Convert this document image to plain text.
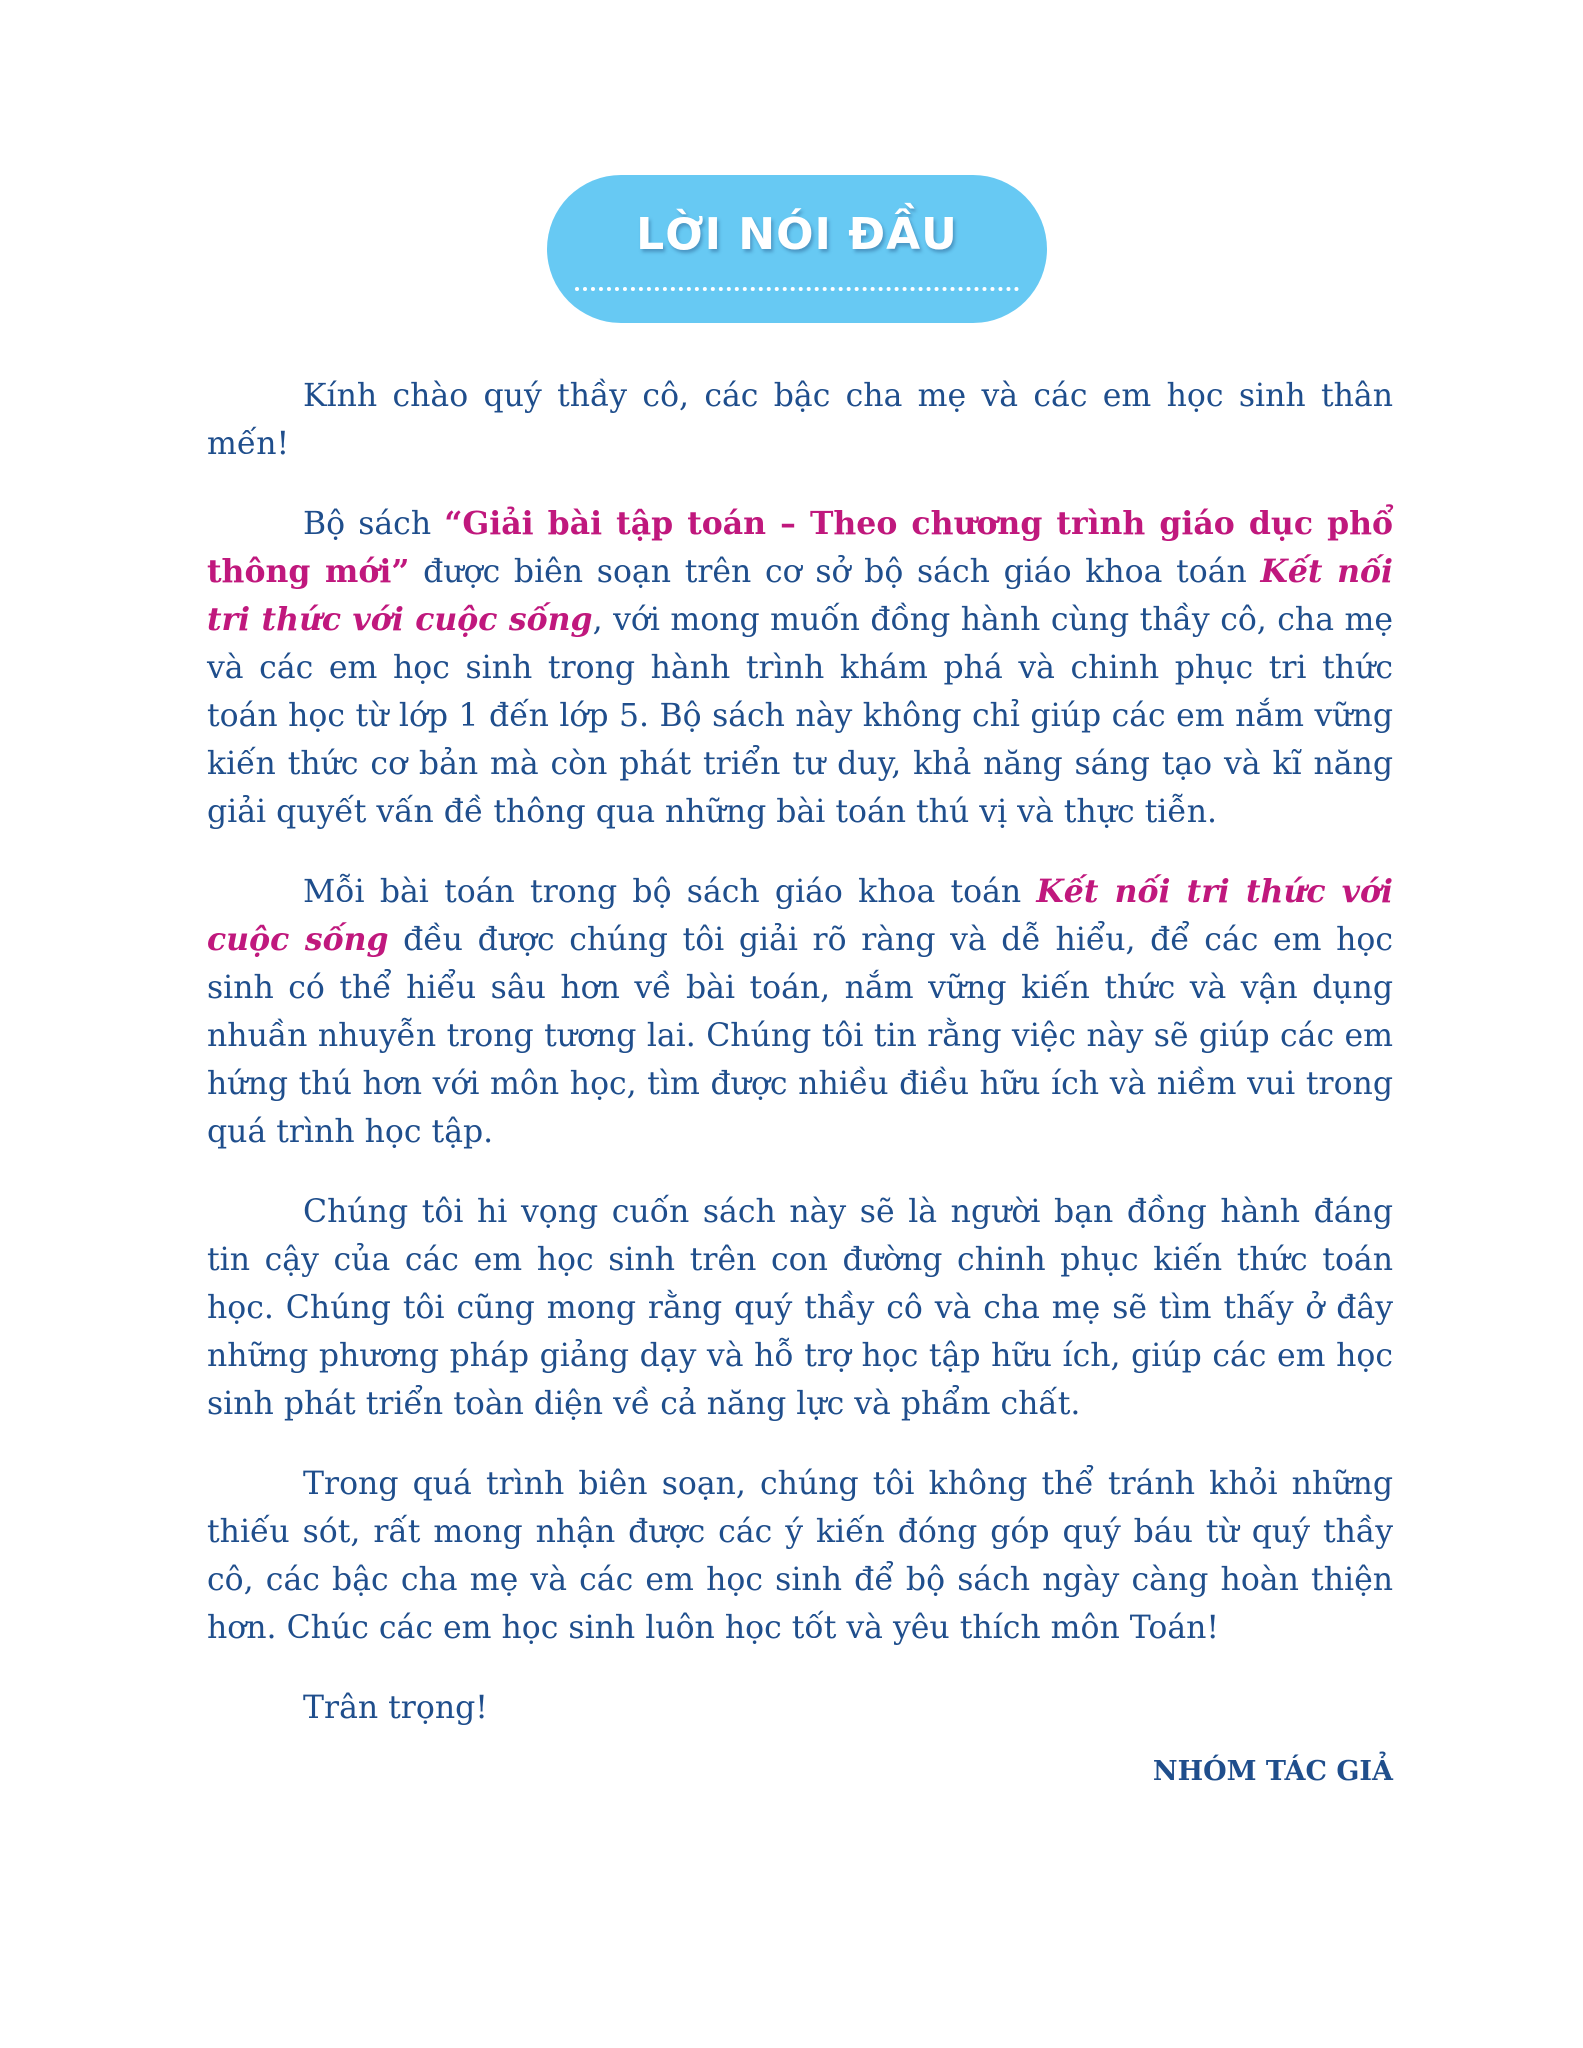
LỜI NÓI ĐẦU

Kính chào quý thầy cô, các bậc cha mẹ và các em học sinh thân mến!

Bộ sách “Giải bài tập toán – Theo chương trình giáo dục phổ thông mới” được biên soạn trên cơ sở bộ sách giáo khoa toán Kết nối tri thức với cuộc sống, với mong muốn đồng hành cùng thầy cô, cha mẹ và các em học sinh trong hành trình khám phá và chinh phục tri thức toán học từ lớp 1 đến lớp 5. Bộ sách này không chỉ giúp các em nắm vững kiến thức cơ bản mà còn phát triển tư duy, khả năng sáng tạo và kĩ năng giải quyết vấn đề thông qua những bài toán thú vị và thực tiễn.

Mỗi bài toán trong bộ sách giáo khoa toán Kết nối tri thức với cuộc sống đều được chúng tôi giải rõ ràng và dễ hiểu, để các em học sinh có thể hiểu sâu hơn về bài toán, nắm vững kiến thức và vận dụng nhuần nhuyễn trong tương lai. Chúng tôi tin rằng việc này sẽ giúp các em hứng thú hơn với môn học, tìm được nhiều điều hữu ích và niềm vui trong quá trình học tập.

Chúng tôi hi vọng cuốn sách này sẽ là người bạn đồng hành đáng tin cậy của các em học sinh trên con đường chinh phục kiến thức toán học. Chúng tôi cũng mong rằng quý thầy cô và cha mẹ sẽ tìm thấy ở đây những phương pháp giảng dạy và hỗ trợ học tập hữu ích, giúp các em học sinh phát triển toàn diện về cả năng lực và phẩm chất.

Trong quá trình biên soạn, chúng tôi không thể tránh khỏi những thiếu sót, rất mong nhận được các ý kiến đóng góp quý báu từ quý thầy cô, các bậc cha mẹ và các em học sinh để bộ sách ngày càng hoàn thiện hơn. Chúc các em học sinh luôn học tốt và yêu thích môn Toán!

Trân trọng!

NHÓM TÁC GIẢ
